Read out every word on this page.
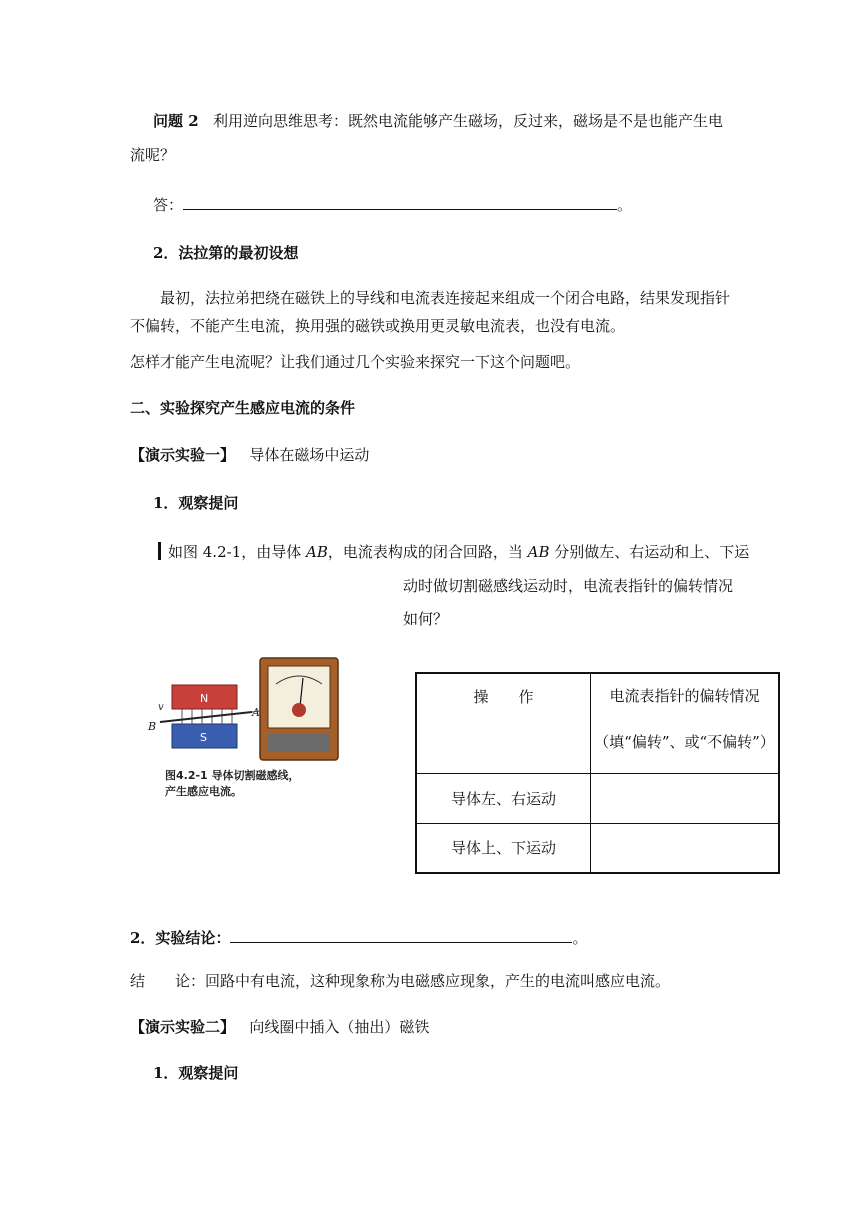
问题 2 利用逆向思维思考：既然电流能够产生磁场，反过来，磁场是不是也能产生电
流呢？
答：	。
2．法拉第的最初设想
最初，法拉弟把绕在磁铁上的导线和电流表连接起来组成一个闭合电路，结果发现指针
不偏转，不能产生电流，换用强的磁铁或换用更灵敏电流表，也没有电流。
怎样才能产生电流呢？让我们通过几个实验来探究一下这个问题吧。
二、实验探究产生感应电流的条件
【演示实验一】 导体在磁场中运动
1．观察提问
如图 4.2-1，由导体 AB，电流表构成的闭合回路，当 AB 分别做左、右运动和上、下运
动时做切割磁感线运动时，电流表指针的偏转情况
如何？
N
S
B
A
v
图4.2-1 导体切割磁感线，
产生感应电流。
操　　作	电流表指针的偏转情况
（填“偏转”、或“不偏转”）

导体左、右运动	
导体上、下运动	
2．实验结论：	。
结　　论：回路中有电流，这种现象称为电磁感应现象，产生的电流叫感应电流。
【演示实验二】 向线圈中插入（抽出）磁铁
1．观察提问
